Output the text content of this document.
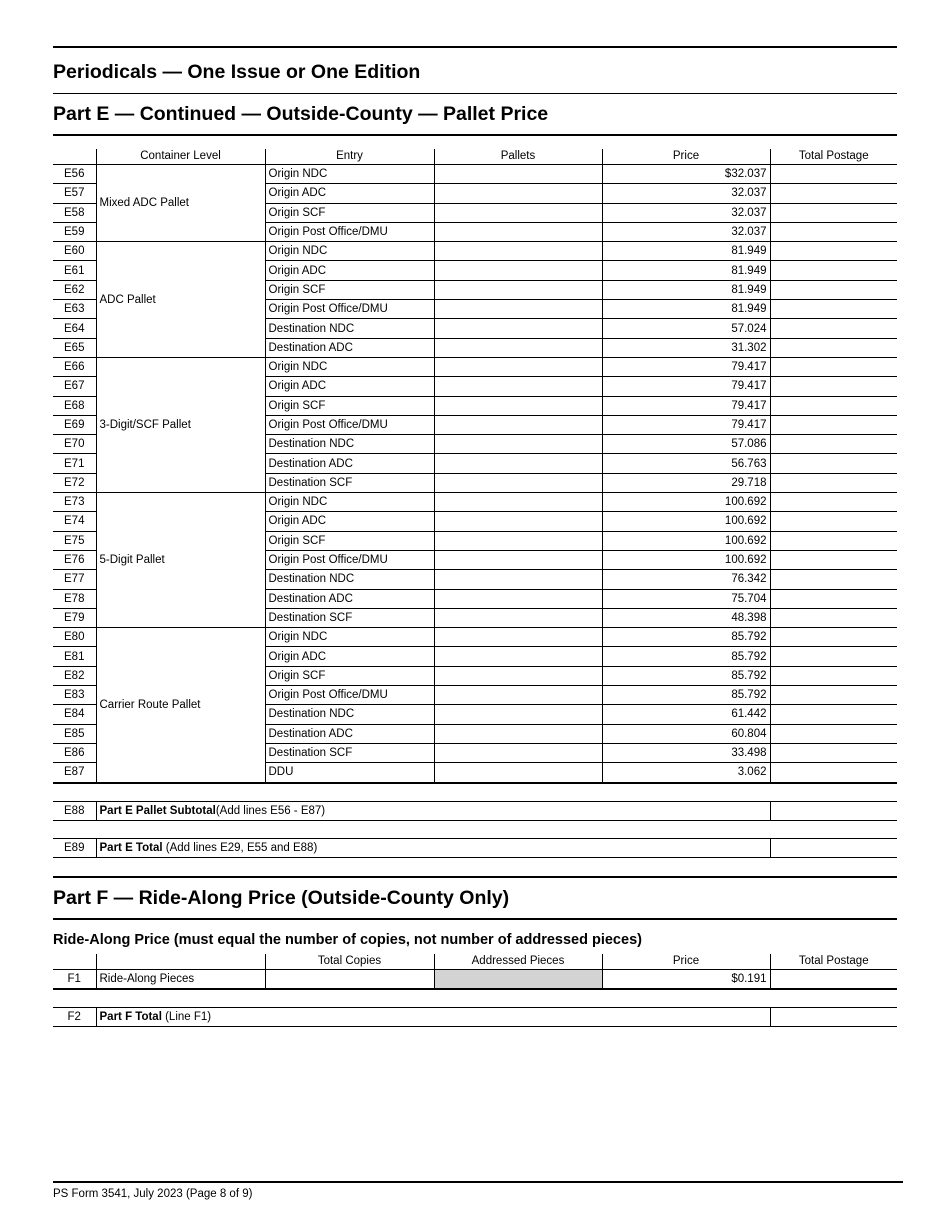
Periodicals — One Issue or One Edition
Part E — Continued — Outside-County — Pallet Price
	Container Level	Entry	Pallets	Price	Total Postage
E56	Mixed ADC Pallet	Origin NDC		$32.037	
E57		Origin ADC		32.037	
E58		Origin SCF		32.037	
E59		Origin Post Office/DMU		32.037	
E60	ADC Pallet	Origin NDC		81.949	
E61		Origin ADC		81.949	
E62		Origin SCF		81.949	
E63		Origin Post Office/DMU		81.949	
E64		Destination NDC		57.024	
E65		Destination ADC		31.302	
E66	3-Digit/SCF Pallet	Origin NDC		79.417	
E67		Origin ADC		79.417	
E68		Origin SCF		79.417	
E69		Origin Post Office/DMU		79.417	
E70		Destination NDC		57.086	
E71		Destination ADC		56.763	
E72		Destination SCF		29.718	
E73	5-Digit Pallet	Origin NDC		100.692	
E74		Origin ADC		100.692	
E75		Origin SCF		100.692	
E76		Origin Post Office/DMU		100.692	
E77		Destination NDC		76.342	
E78		Destination ADC		75.704	
E79		Destination SCF		48.398	
E80	Carrier Route Pallet	Origin NDC		85.792	
E81		Origin ADC		85.792	
E82		Origin SCF		85.792	
E83		Origin Post Office/DMU		85.792	
E84		Destination NDC		61.442	
E85		Destination ADC		60.804	
E86		Destination SCF		33.498	
E87		DDU		3.062	
E88	Part E Pallet Subtotal(Add lines E56 - E87)	
E89	Part E Total (Add lines E29, E55 and E88)	
Part F — Ride-Along Price (Outside-County Only)
Ride-Along Price (must equal the number of copies, not number of addressed pieces)
		Total Copies	Addressed Pieces	Price	Total Postage
F1	Ride-Along Pieces			$0.191	
F2	Part F Total (Line F1)	
PS Form 3541, July 2023 (Page 8 of 9)
